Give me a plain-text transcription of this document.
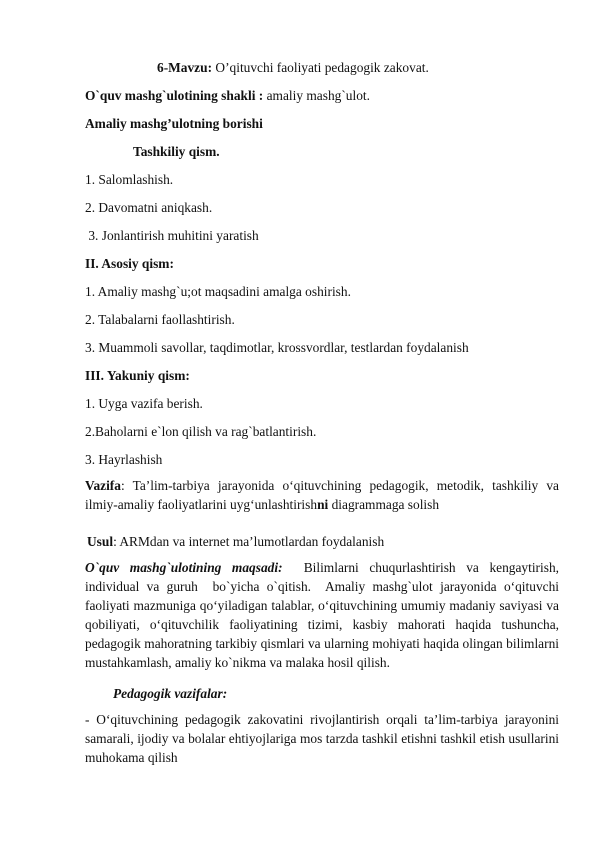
6-Mavzu: O’qituvchi faoliyati pedagogik zakovat.
O`quv mashg`ulotining shakli : amaliy mashg`ulot.
Amaliy mashg’ulotning borishi
Tashkiliy qism.
1. Salomlashish.
2. Davomatni aniqkash.
3. Jonlantirish muhitini yaratish
II. Asosiy qism:
1. Amaliy mashg`u;ot maqsadini amalga oshirish.
2. Talabalarni faollashtirish.
3. Muammoli savollar, taqdimotlar, krossvordlar, testlardan foydalanish
III. Yakuniy qism:
1. Uygа vazifa berish.
2.Baholarni e`lon qilish va rag`batlantirish.
3. Hayrlashish
Vazifa: Ta’lim-tarbiya jarayonida o‘qituvchining pedagogik, metodik, tashkiliy va ilmiy-amaliy faoliyatlarini uyg‘unlashtirishni diagrammaga solish
Usul: ARMdan va internet ma’lumotlardan foydalanish
O`quv mashg`ulotining maqsadi:  Bilimlarni chuqurlashtirish va kengaytirish, individual va guruh  bo`yicha o`qitish.  Amaliy mashg`ulot jarayonida o‘qituvchi faoliyati mazmuniga qo‘yiladigan talablar, o‘qituvchining umumiy madaniy saviyasi va qobiliyati, o‘qituvchilik faoliyatining tizimi, kasbiy mahorati haqida tushuncha, pedagogik mahoratning tarkibiy qismlari va ularning mohiyati haqida olingan bilimlarni mustahkamlash, amaliy ko`nikma va malaka hosil qilish.
Pedagogik vazifalar:
- O‘qituvchining pedagogik zakovatini rivojlantirish orqali ta’lim-tarbiya jarayonini samarali, ijodiy va bolalar ehtiyojlariga mos tarzda tashkil etishni tashkil etish usullarini muhokama qilish
